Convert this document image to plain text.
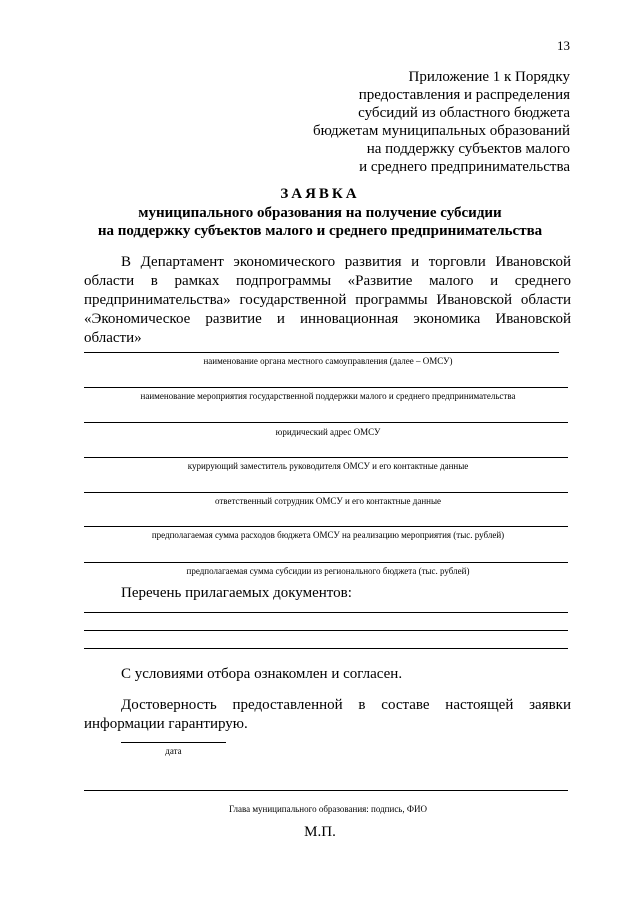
13
Приложение 1 к Порядку
предоставления и распределения
субсидий из областного бюджета
бюджетам муниципальных образований
на поддержку субъектов малого
и среднего предпринимательства
ЗАЯВКА
муниципального образования на получение субсидии
на поддержку субъектов малого и среднего предпринимательства
В Департамент экономического развития и торговли Ивановской области в рамках подпрограммы «Развитие малого и среднего предпринимательства» государственной программы Ивановской области «Экономическое развитие и инновационная экономика Ивановской области»
наименование органа местного самоуправления (далее – ОМСУ)
наименование мероприятия государственной поддержки малого и среднего предпринимательства
юридический адрес ОМСУ
курирующий заместитель руководителя ОМСУ и его контактные данные
ответственный сотрудник ОМСУ и его контактные данные
предполагаемая сумма расходов бюджета ОМСУ на реализацию мероприятия (тыс. рублей)
предполагаемая сумма субсидии из регионального бюджета (тыс. рублей)
Перечень прилагаемых документов:
С условиями отбора ознакомлен и согласен.
Достоверность предоставленной в составе настоящей заявки информации гарантирую.
дата
Глава муниципального образования: подпись, ФИО
М.П.
